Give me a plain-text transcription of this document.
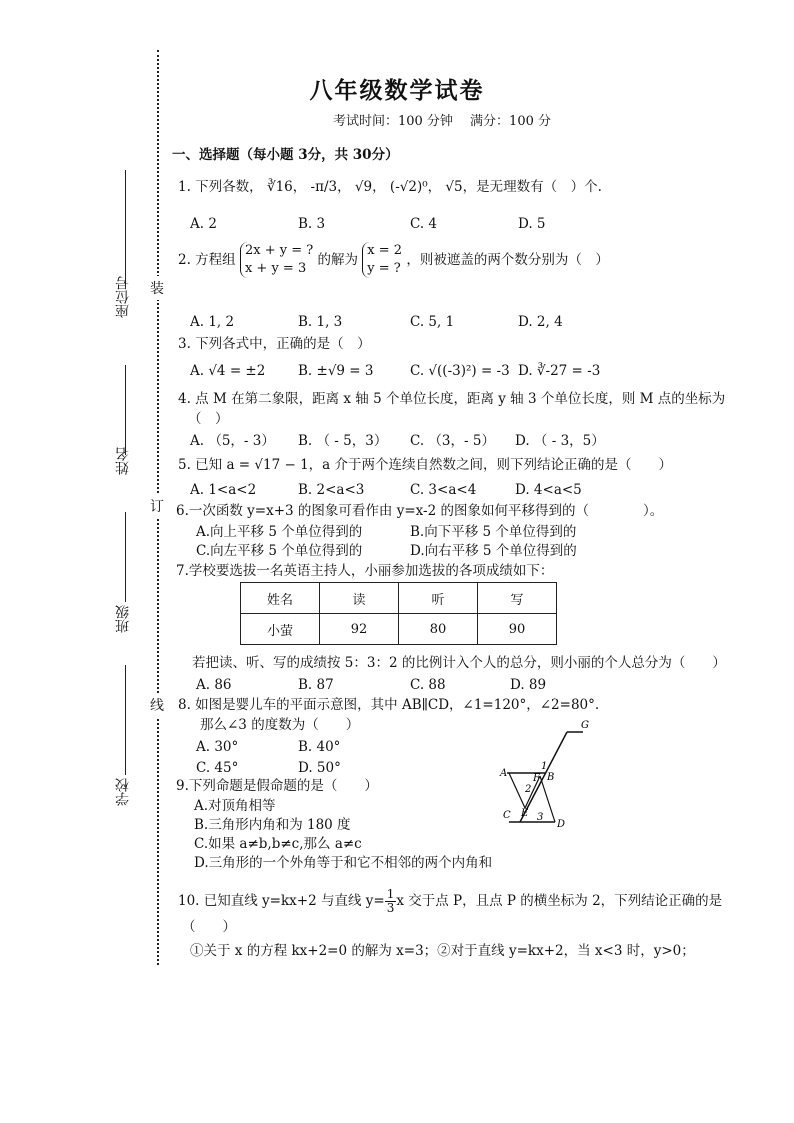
装
订
线
座位号
姓名
班级
学校
八年级数学试卷
考试时间：100 分钟　 满分：100 分
一、选择题（每小题 3分，共 30分）
1. 下列各数， ∛16， -π/3， √9， (-√2)⁰， √5，是无理数有（　）个.
A. 2	B. 3	C. 4	D. 5
2. 方程组
2x + y = ?
x + y = 3
的解为
x = 2
y = ?
，则被遮盖的两个数分别为（　）
A. 1, 2	B. 1, 3	C. 5, 1	D. 2, 4
3. 下列各式中，正确的是（　）
A. √4 = ±2 B. ±√9 = 3	C. √((-3)²) = -3 D. ∛-27 = -3
4. 点 M 在第二象限，距离 x 轴 5 个单位长度，距离 y 轴 3 个单位长度，则 M 点的坐标为
（　）
A. （5，- 3） B. （ - 5，3） C. （3，- 5） D. （ - 3，5）
5. 已知 a = √17 − 1，a 介于两个连续自然数之间，则下列结论正确的是（　　）
A. 1<a<2	B. 2<a<3	C. 3<a<4	D. 4<a<5
6.一次函数 y=x+3 的图象可看作由 y=x-2 的图象如何平移得到的（　　　　）。
A.向上平移 5 个单位得到的	B.向下平移 5 个单位得到的
C.向左平移 5 个单位得到的	D.向右平移 5 个单位得到的
7.学校要选拔一名英语主持人，小丽参加选拔的各项成绩如下：
姓名	读	听	写
小萤	92	80	90
若把读、听、写的成绩按 5：3：2 的比例计入个人的总分，则小丽的个人总分为（　　）
A. 86	B. 87	C. 88	D. 89
8. 如图是婴儿车的平面示意图，其中 AB∥CD，∠1=120°，∠2=80°.
那么∠3 的度数为（　　）
A. 30°	B. 40°
C. 45°	D. 50°
G
A
1
F B
2
E
C	3
D
9.下列命题是假命题的是（　　）
A.对顶角相等
B.三角形内角和为 180 度
C.如果 a≠b,b≠c,那么 a≠c
D.三角形的一个外角等于和它不相邻的两个内角和
10. 已知直线 y=kx+2 与直线 $y= \frac{1}{3}$ x 交于点 P，且点 P 的横坐标为 2，下列结论正确的是
（　　）
①关于 x 的方程 kx+2=0 的解为 x=3；②对于直线 y=kx+2，当 x<3 时，y>0；
